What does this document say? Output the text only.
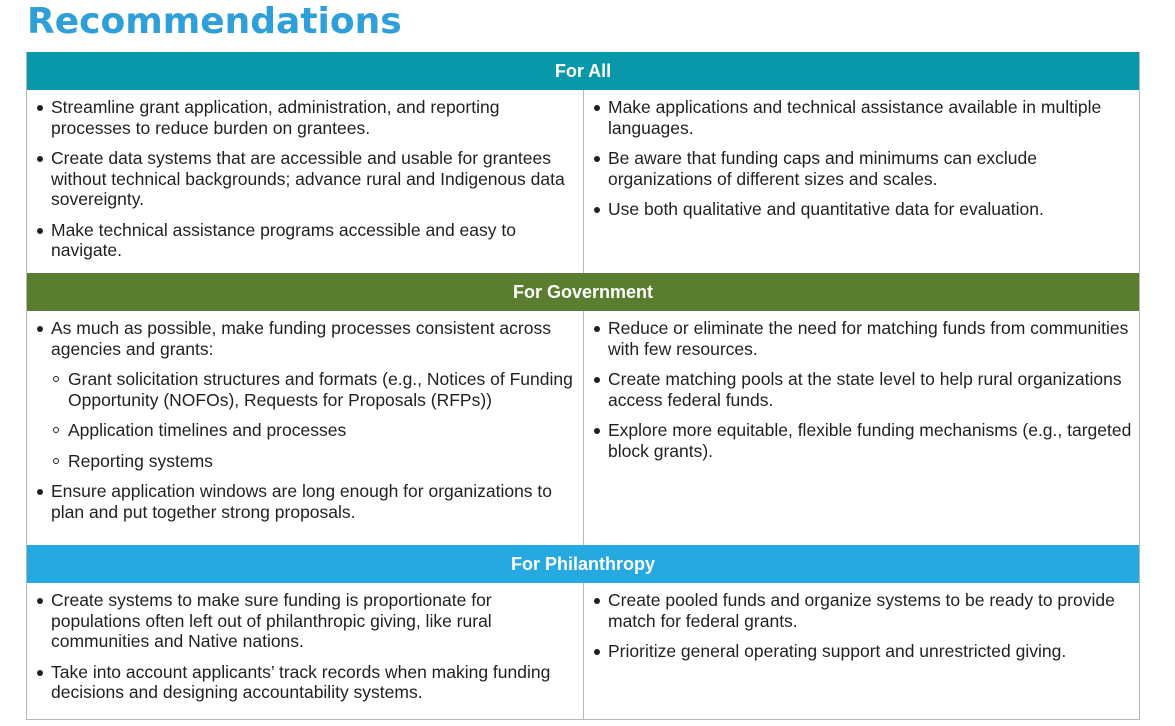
Recommendations
For All
Streamline grant application, administration, and reporting processes to reduce burden on grantees.
Create data systems that are accessible and usable for grantees without technical backgrounds; advance rural and Indigenous data sovereignty.
Make technical assistance programs accessible and easy to navigate.
Make applications and technical assistance available in multiple languages.
Be aware that funding caps and minimums can exclude organizations of different sizes and scales.
Use both qualitative and quantitative data for evaluation.
For Government
As much as possible, make funding processes consistent across agencies and grants:
Grant solicitation structures and formats (e.g., Notices of Funding Opportunity (NOFOs), Requests for Proposals (RFPs))
Application timelines and processes
Reporting systems
Ensure application windows are long enough for organizations to plan and put together strong proposals.
Reduce or eliminate the need for matching funds from communities with few resources.
Create matching pools at the state level to help rural organizations access federal funds.
Explore more equitable, flexible funding mechanisms (e.g., targeted block grants).
For Philanthropy
Create systems to make sure funding is proportionate for populations often left out of philanthropic giving, like rural communities and Native nations.
Take into account applicants’ track records when making funding decisions and designing accountability systems.
Create pooled funds and organize systems to be ready to provide match for federal grants.
Prioritize general operating support and unrestricted giving.
